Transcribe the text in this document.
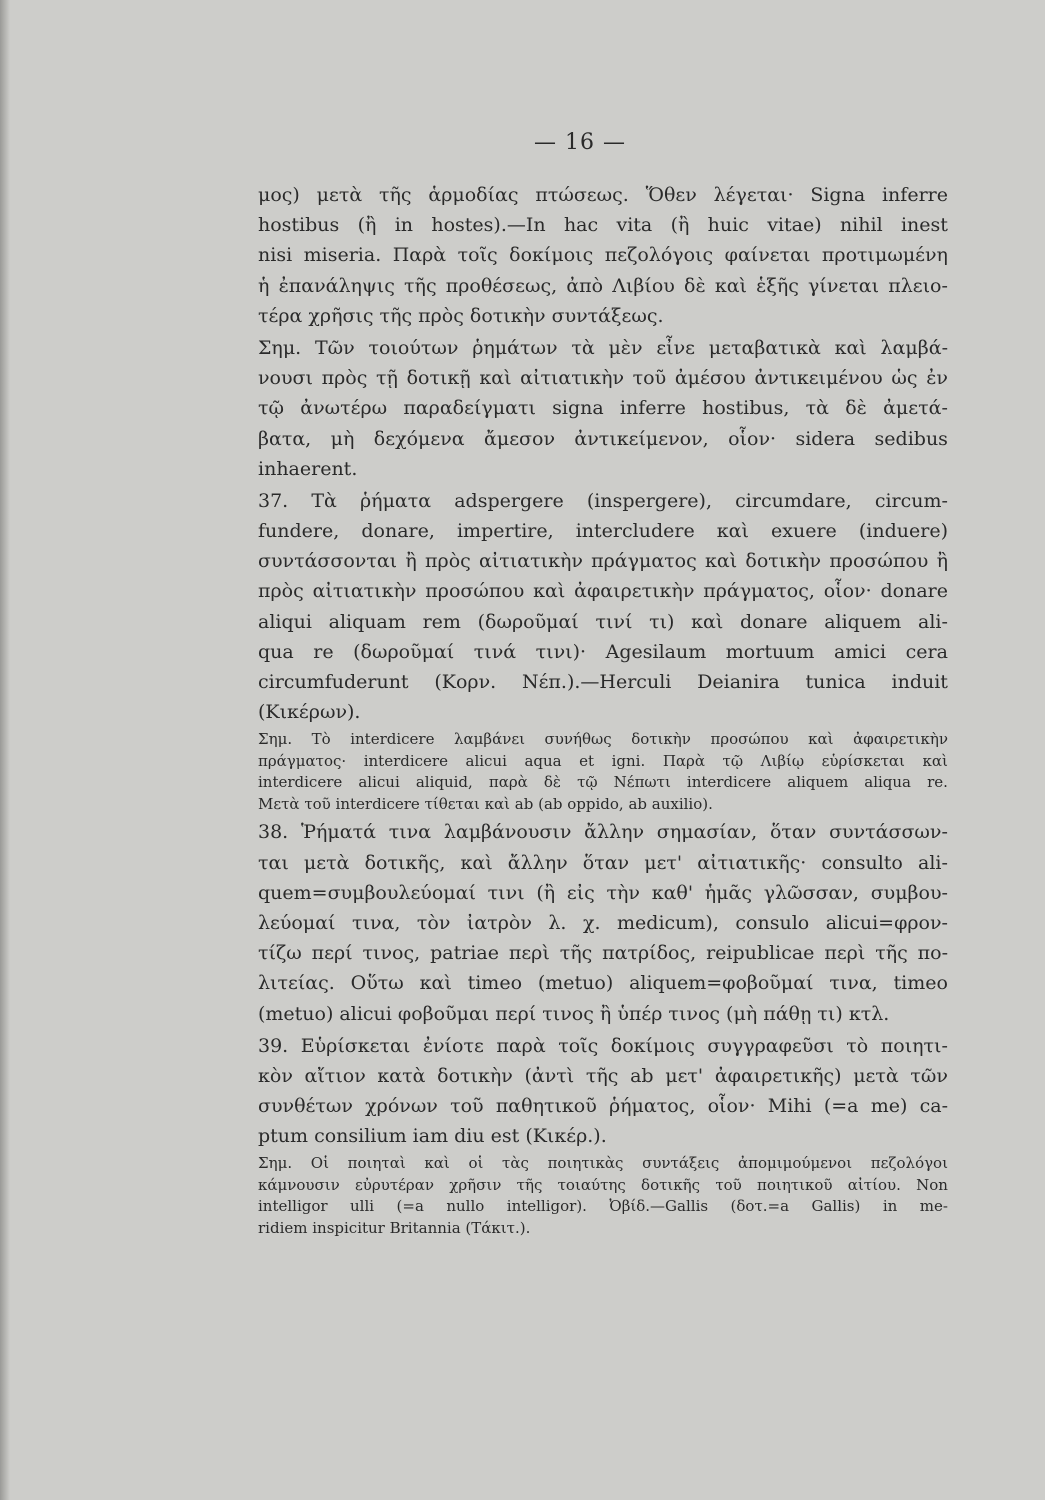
— 16 —
μος) μετὰ τῆς ἁρμοδίας πτώσεως. Ὅθεν λέγεται· Signa inferre
hostibus (ἢ in hostes).—In hac vita (ἢ huic vitae) nihil inest
nisi miseria. Παρὰ τοῖς δοκίμοις πεζολόγοις φαίνεται προτιμωμένη
ἡ ἐπανάληψις τῆς προθέσεως, ἀπὸ Λιβίου δὲ καὶ ἑξῆς γίνεται πλειο-
τέρα χρῆσις τῆς πρὸς δοτικὴν συντάξεως.
Σημ. Τῶν τοιούτων ῥημάτων τὰ μὲν εἶνε μεταβατικὰ καὶ λαμβά-
νουσι πρὸς τῇ δοτικῇ καὶ αἰτιατικὴν τοῦ ἀμέσου ἀντικειμένου ὡς ἐν
τῷ ἀνωτέρω παραδείγματι signa inferre hostibus, τὰ δὲ ἀμετά-
βατα, μὴ δεχόμενα ἄμεσον ἀντικείμενον, οἷον· sidera sedibus
inhaerent.
37. Τὰ ῥήματα adspergere (inspergere), circumdare, circum-
fundere, donare, impertire, intercludere καὶ exuere (induere)
συντάσσονται ἢ πρὸς αἰτιατικὴν πράγματος καὶ δοτικὴν προσώπου ἢ
πρὸς αἰτιατικὴν προσώπου καὶ ἀφαιρετικὴν πράγματος, οἷον· donare
aliqui aliquam rem (δωροῦμαί τινί τι) καὶ donare aliquem ali-
qua re (δωροῦμαί τινά τινι)· Agesilaum mortuum amici cera
circumfuderunt (Κορν. Νέπ.).—Herculi Deianira tunica induit
(Κικέρων).
Σημ. Τὸ interdicere λαμβάνει συνήθως δοτικὴν προσώπου καὶ ἀφαιρετικὴν
πράγματος· interdicere alicui aqua et igni. Παρὰ τῷ Λιβίῳ εὑρίσκεται καὶ
interdicere alicui aliquid, παρὰ δὲ τῷ Νέπωτι interdicere aliquem aliqua re.
Μετὰ τοῦ interdicere τίθεται καὶ ab (ab oppido, ab auxilio).
38. Ῥήματά τινα λαμβάνουσιν ἄλλην σημασίαν, ὅταν συντάσσων-
ται μετὰ δοτικῆς, καὶ ἄλλην ὅταν μετ' αἰτιατικῆς· consulto ali-
quem=συμβουλεύομαί τινι (ἢ εἰς τὴν καθ' ἡμᾶς γλῶσσαν, συμβου-
λεύομαί τινα, τὸν ἰατρὸν λ. χ. medicum), consulo alicui=φρον-
τίζω περί τινος, patriae περὶ τῆς πατρίδος, reipublicae περὶ τῆς πο-
λιτείας. Οὕτω καὶ timeo (metuo) aliquem=φοβοῦμαί τινα, timeo
(metuo) alicui φοβοῦμαι περί τινος ἢ ὑπέρ τινος (μὴ πάθῃ τι) κτλ.
39. Εὑρίσκεται ἐνίοτε παρὰ τοῖς δοκίμοις συγγραφεῦσι τὸ ποιητι-
κὸν αἴτιον κατὰ δοτικὴν (ἀντὶ τῆς ab μετ' ἀφαιρετικῆς) μετὰ τῶν
συνθέτων χρόνων τοῦ παθητικοῦ ῥήματος, οἷον· Mihi (=a me) ca-
ptum consilium iam diu est (Κικέρ.).
Σημ. Οἱ ποιηταὶ καὶ οἱ τὰς ποιητικὰς συντάξεις ἀπομιμούμενοι πεζολόγοι
κάμνουσιν εὐρυτέραν χρῆσιν τῆς τοιαύτης δοτικῆς τοῦ ποιητικοῦ αἰτίου. Non
intelligor ulli (=a nullo intelligor). Ὀβίδ.—Gallis (δοτ.=a Gallis) in me-
ridiem inspicitur Britannia (Τάκιτ.).
